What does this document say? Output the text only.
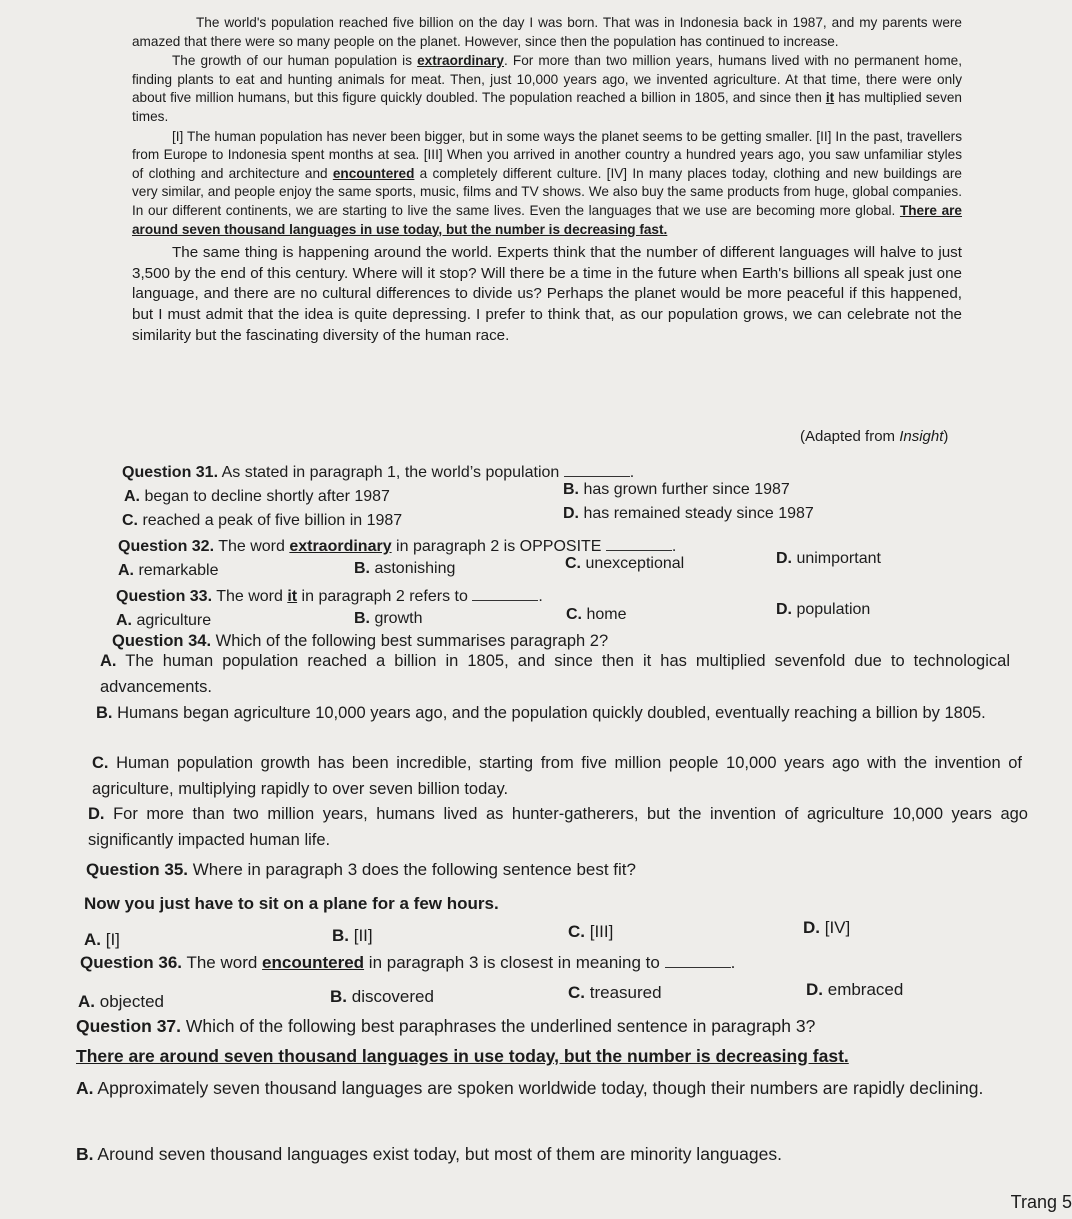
The world's population reached five billion on the day I was born. That was in Indonesia back in 1987, and my parents were amazed that there were so many people on the planet. However, since then the population has continued to increase.

The growth of our human population is extraordinary. For more than two million years, humans lived with no permanent home, finding plants to eat and hunting animals for meat. Then, just 10,000 years ago, we invented agriculture. At that time, there were only about five million humans, but this figure quickly doubled. The population reached a billion in 1805, and since then it has multiplied seven times.

[I] The human population has never been bigger, but in some ways the planet seems to be getting smaller. [II] In the past, travellers from Europe to Indonesia spent months at sea. [III] When you arrived in another country a hundred years ago, you saw unfamiliar styles of clothing and architecture and encountered a completely different culture. [IV] In many places today, clothing and new buildings are very similar, and people enjoy the same sports, music, films and TV shows. We also buy the same products from huge, global companies. In our different continents, we are starting to live the same lives. Even the languages that we use are becoming more global. There are around seven thousand languages in use today, but the number is decreasing fast.

The same thing is happening around the world. Experts think that the number of different languages will halve to just 3,500 by the end of this century. Where will it stop? Will there be a time in the future when Earth's billions all speak just one language, and there are no cultural differences to divide us? Perhaps the planet would be more peaceful if this happened, but I must admit that the idea is quite depressing. I prefer to think that, as our population grows, we can celebrate not the similarity but the fascinating diversity of the human race.

(Adapted from Insight)
Question 31. As stated in paragraph 1, the world’s population	.
A. began to decline shortly after 1987	B. has grown further since 1987
C. reached a peak of five billion in 1987	D. has remained steady since 1987
Question 32. The word extraordinary in paragraph 2 is OPPOSITE	.
A. remarkable	B. astonishing	C. unexceptional	D. unimportant
Question 33. The word it in paragraph 2 refers to	.
A. agriculture	B. growth	C. home	D. population
Question 34. Which of the following best summarises paragraph 2?
A. The human population reached a billion in 1805, and since then it has multiplied sevenfold due to technological advancements.
B. Humans began agriculture 10,000 years ago, and the population quickly doubled, eventually reaching a billion by 1805.
C. Human population growth has been incredible, starting from five million people 10,000 years ago with the invention of agriculture, multiplying rapidly to over seven billion today.
D. For more than two million years, humans lived as hunter-gatherers, but the invention of agriculture 10,000 years ago significantly impacted human life.
Question 35. Where in paragraph 3 does the following sentence best fit?
Now you just have to sit on a plane for a few hours.
A. [I]	B. [II]	C. [III]	D. [IV]
Question 36. The word encountered in paragraph 3 is closest in meaning to	.
A. objected	B. discovered	C. treasured	D. embraced
Question 37. Which of the following best paraphrases the underlined sentence in paragraph 3?
There are around seven thousand languages in use today, but the number is decreasing fast.
A. Approximately seven thousand languages are spoken worldwide today, though their numbers are rapidly declining.
B. Around seven thousand languages exist today, but most of them are minority languages.
Trang 5
